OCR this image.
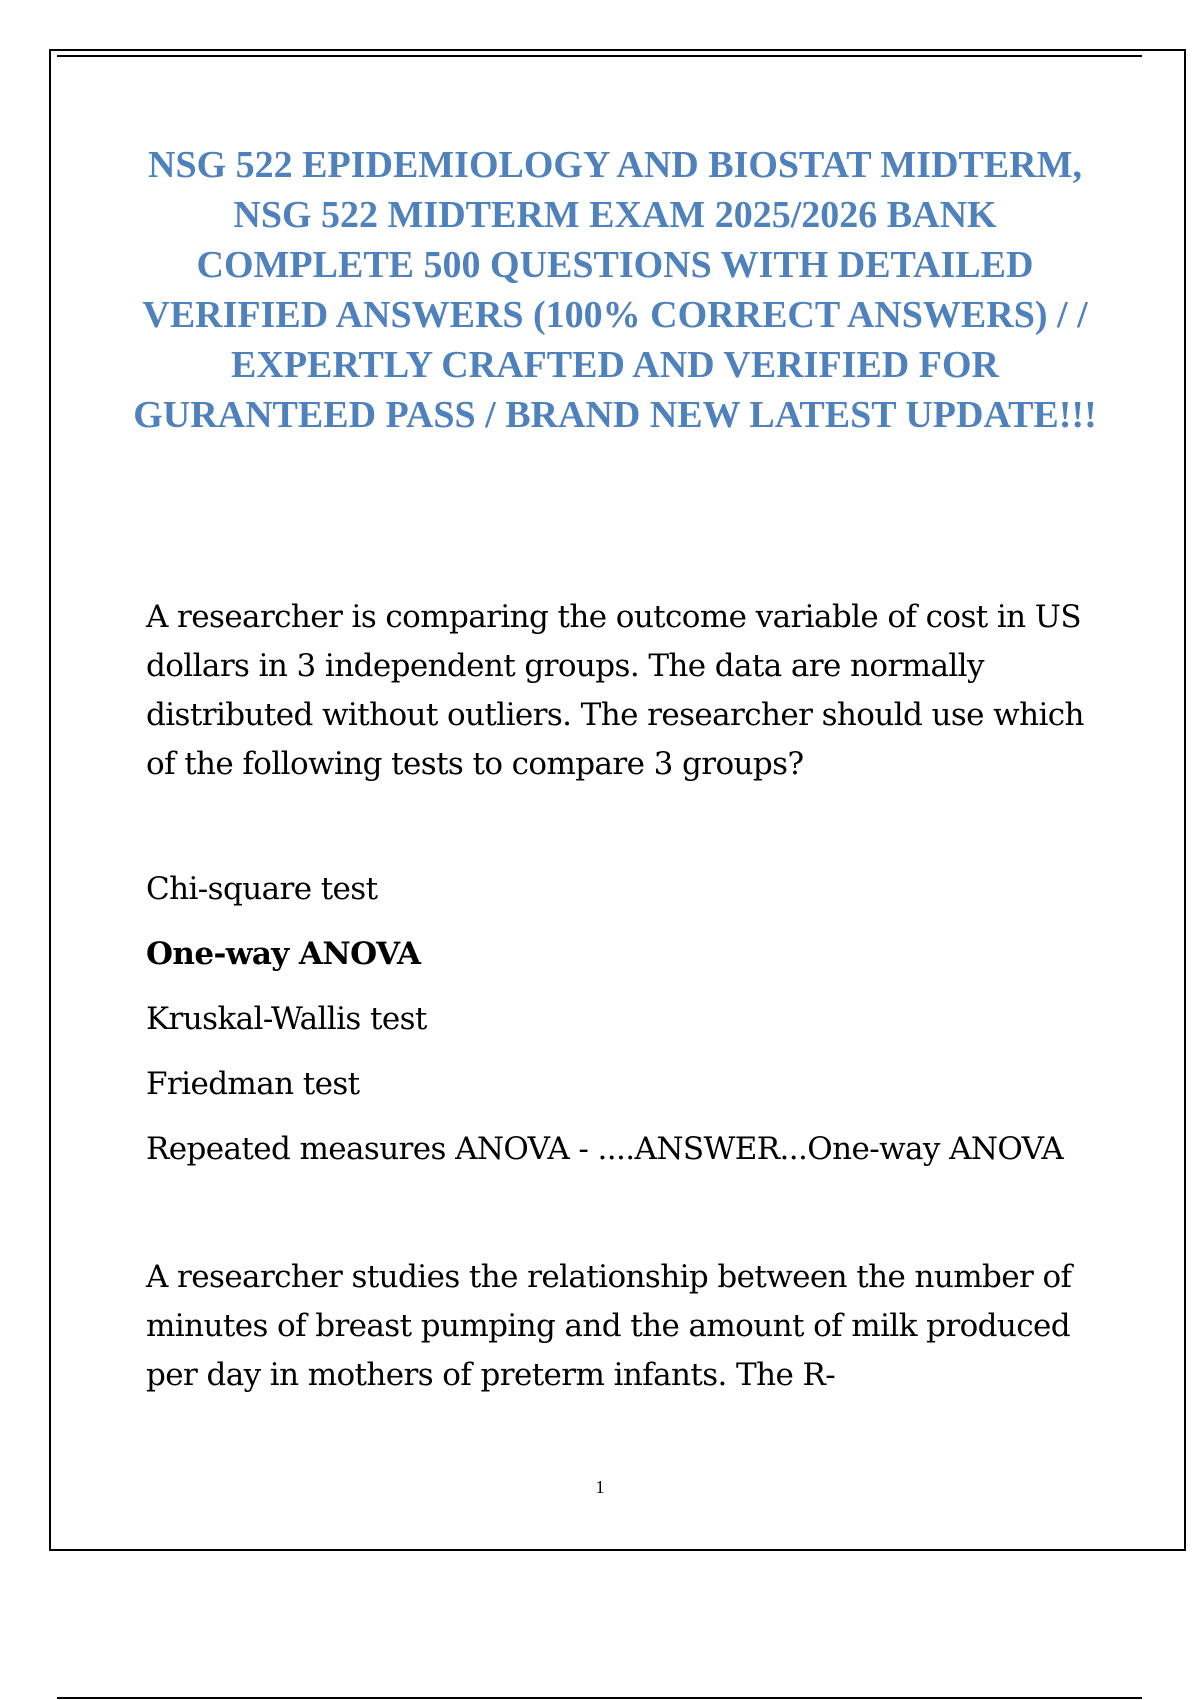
NSG 522 EPIDEMIOLOGY AND BIOSTAT MIDTERM, NSG 522 MIDTERM EXAM 2025/2026 BANK COMPLETE 500 QUESTIONS WITH DETAILED VERIFIED ANSWERS (100% CORRECT ANSWERS) / / EXPERTLY CRAFTED AND VERIFIED FOR GURANTEED PASS / BRAND NEW LATEST UPDATE!!!

A researcher is comparing the outcome variable of cost in US dollars in 3 independent groups. The data are normally distributed without outliers. The researcher should use which of the following tests to compare 3 groups?

Chi-square test
One-way ANOVA
Kruskal-Wallis test
Friedman test
Repeated measures ANOVA - ....ANSWER...One-way ANOVA

A researcher studies the relationship between the number of minutes of breast pumping and the amount of milk produced per day in mothers of preterm infants. The R-

1
